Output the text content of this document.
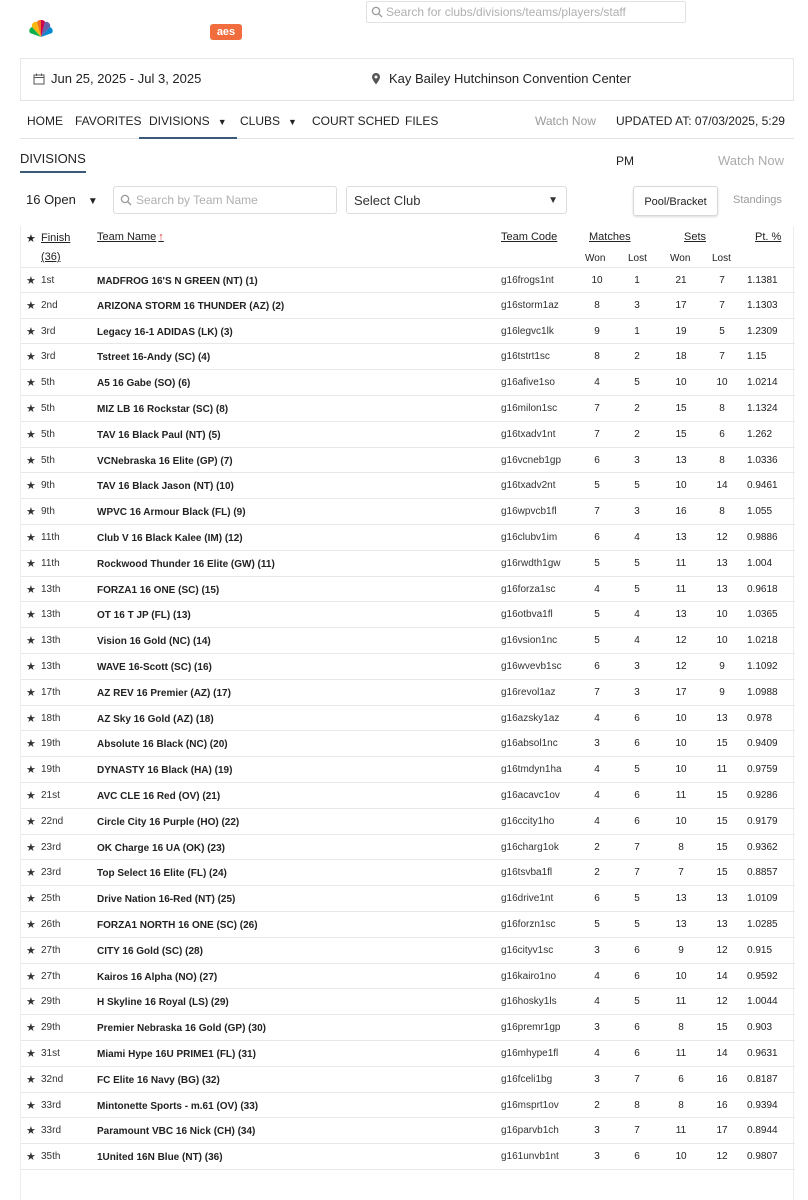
aes
Search for clubs/divisions/teams/players/staff
Jun 25, 2025 - Jul 3, 2025	Kay Bailey Hutchinson Convention Center
HOME FAVORITES DIVISIONS ▼	CLUBS ▼ COURT SCHED FILES	Watch Now UPDATED AT: 07/03/2025, 5:29 PM
DIVISIONS	Watch Now
16 Open ▼	Search by Team Name	Select Club	▼	Pool/Bracket	Standings
★ Finish Team Name ↑	Team Code	Matches	Sets	Pt. %
(36)	Won Lost Won Lost
★ 1st	MADFROG 16'S N GREEN (NT) (1)	g16frogs1nt	10	1	21	7	1.1381
★ 2nd	ARIZONA STORM 16 THUNDER (AZ) (2)	g16storm1az	8	3	17	7	1.1303
★ 3rd	Legacy 16-1 ADIDAS (LK) (3)	g16legvc1lk	9	1	19	5	1.2309
★ 3rd	Tstreet 16-Andy (SC) (4)	g16tstrt1sc	8	2	18	7	1.15
★ 5th	A5 16 Gabe (SO) (6)	g16afive1so	4	5	10	10	1.0214
★ 5th	MIZ LB 16 Rockstar (SC) (8)	g16milon1sc	7	2	15	8	1.1324
★ 5th	TAV 16 Black Paul (NT) (5)	g16txadv1nt	7	2	15	6	1.262
★ 5th	VCNebraska 16 Elite (GP) (7)	g16vcneb1gp	6	3	13	8	1.0336
★ 9th	TAV 16 Black Jason (NT) (10)	g16txadv2nt	5	5	10	14	0.9461
★ 9th	WPVC 16 Armour Black (FL) (9)	g16wpvcb1fl	7	3	16	8	1.055
★ 11th	Club V 16 Black Kalee (IM) (12)	g16clubv1im	6	4	13	12	0.9886
★ 11th	Rockwood Thunder 16 Elite (GW) (11)	g16rwdth1gw	5	5	11	13	1.004
★ 13th	FORZA1 16 ONE (SC) (15)	g16forza1sc	4	5	11	13	0.9618
★ 13th	OT 16 T JP (FL) (13)	g16otbva1fl	5	4	13	10	1.0365
★ 13th	Vision 16 Gold (NC) (14)	g16vsion1nc	5	4	12	10	1.0218
★ 13th	WAVE 16-Scott (SC) (16)	g16wvevb1sc	6	3	12	9	1.1092
★ 17th	AZ REV 16 Premier (AZ) (17)	g16revol1az	7	3	17	9	1.0988
★ 18th	AZ Sky 16 Gold (AZ) (18)	g16azsky1az	4	6	10	13	0.978
★ 19th	Absolute 16 Black (NC) (20)	g16absol1nc	3	6	10	15	0.9409
★ 19th	DYNASTY 16 Black (HA) (19)	g16tmdyn1ha	4	5	10	11	0.9759
★ 21st	AVC CLE 16 Red (OV) (21)	g16acavc1ov	4	6	11	15	0.9286
★ 22nd	Circle City 16 Purple (HO) (22)	g16ccity1ho	4	6	10	15	0.9179
★ 23rd	OK Charge 16 UA (OK) (23)	g16charg1ok	2	7	8	15	0.9362
★ 23rd	Top Select 16 Elite (FL) (24)	g16tsvba1fl	2	7	7	15	0.8857
★ 25th	Drive Nation 16-Red (NT) (25)	g16drive1nt	6	5	13	13	1.0109
★ 26th	FORZA1 NORTH 16 ONE (SC) (26)	g16forzn1sc	5	5	13	13	1.0285
★ 27th	CITY 16 Gold (SC) (28)	g16cityv1sc	3	6	9	12	0.915
★ 27th	Kairos 16 Alpha (NO) (27)	g16kairo1no	4	6	10	14	0.9592
★ 29th	H Skyline 16 Royal (LS) (29)	g16hosky1ls	4	5	11	12	1.0044
★ 29th	Premier Nebraska 16 Gold (GP) (30)	g16premr1gp	3	6	8	15	0.903
★ 31st	Miami Hype 16U PRIME1 (FL) (31)	g16mhype1fl	4	6	11	14	0.9631
★ 32nd	FC Elite 16 Navy (BG) (32)	g16fceli1bg	3	7	6	16	0.8187
★ 33rd	Mintonette Sports - m.61 (OV) (33)	g16msprt1ov	2	8	8	16	0.9394
★ 33rd	Paramount VBC 16 Nick (CH) (34)	g16parvb1ch	3	7	11	17	0.8944
★ 35th	1United 16N Blue (NT) (36)	g161unvb1nt	3	6	10	12	0.9807
